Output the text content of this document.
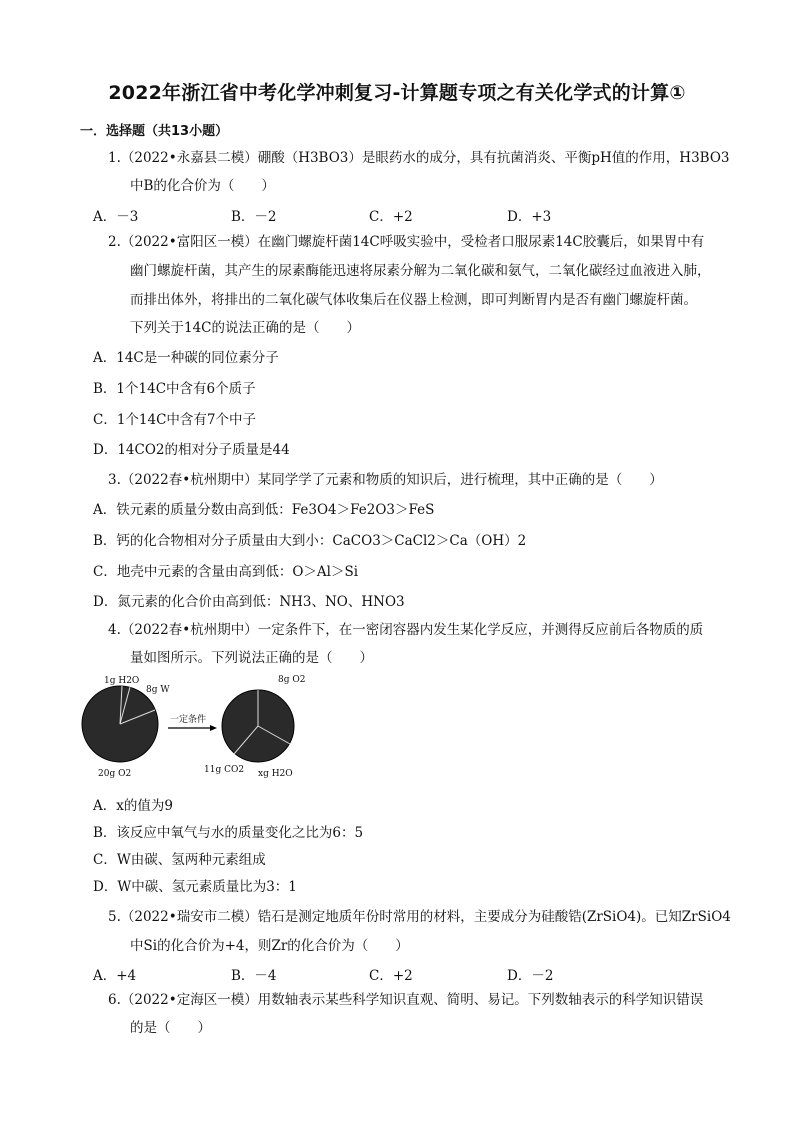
2022年浙江省中考化学冲刺复习-计算题专项之有关化学式的计算①
一．选择题（共13小题）
1.（2022•永嘉县二模）硼酸（H3BO3）是眼药水的成分，具有抗菌消炎、平衡pH值的作用，H3BO3
中B的化合价为（　　）
A．－3	B．－2	C．+2	D．+3
2.（2022•富阳区一模）在幽门螺旋杆菌14C呼吸实验中，受检者口服尿素14C胶囊后，如果胃中有
幽门螺旋杆菌，其产生的尿素酶能迅速将尿素分解为二氧化碳和氨气，二氧化碳经过血液进入肺，
而排出体外，将排出的二氧化碳气体收集后在仪器上检测，即可判断胃内是否有幽门螺旋杆菌。
下列关于14C的说法正确的是（　　）
A．14C是一种碳的同位素分子
B．1个14C中含有6个质子
C．1个14C中含有7个中子
D．14CO2的相对分子质量是44
3.（2022春•杭州期中）某同学学了元素和物质的知识后，进行梳理，其中正确的是（　　）
A．铁元素的质量分数由高到低：Fe3O4＞Fe2O3＞FeS
B．钙的化合物相对分子质量由大到小：CaCO3＞CaCl2＞Ca（OH）2
C．地壳中元素的含量由高到低：O＞Al＞Si
D．氮元素的化合价由高到低：NH3、NO、HNO3
4.（2022春•杭州期中）一定条件下，在一密闭容器内发生某化学反应，并测得反应前后各物质的质
量如图所示。下列说法正确的是（　　）
1g H2O
8g W
20g O2
一定条件
8g O2
11g CO2 xg H2O
A．x的值为9
B．该反应中氧气与水的质量变化之比为6：5
C．W由碳、氢两种元素组成
D．W中碳、氢元素质量比为3：1
5.（2022•瑞安市二模）锆石是测定地质年份时常用的材料，主要成分为硅酸锆(ZrSiO4)。已知ZrSiO4
中Si的化合价为+4，则Zr的化合价为（　　）
A．+4	B．－4	C．+2	D．－2
6.（2022•定海区一模）用数轴表示某些科学知识直观、简明、易记。下列数轴表示的科学知识错误
的是（　　）
